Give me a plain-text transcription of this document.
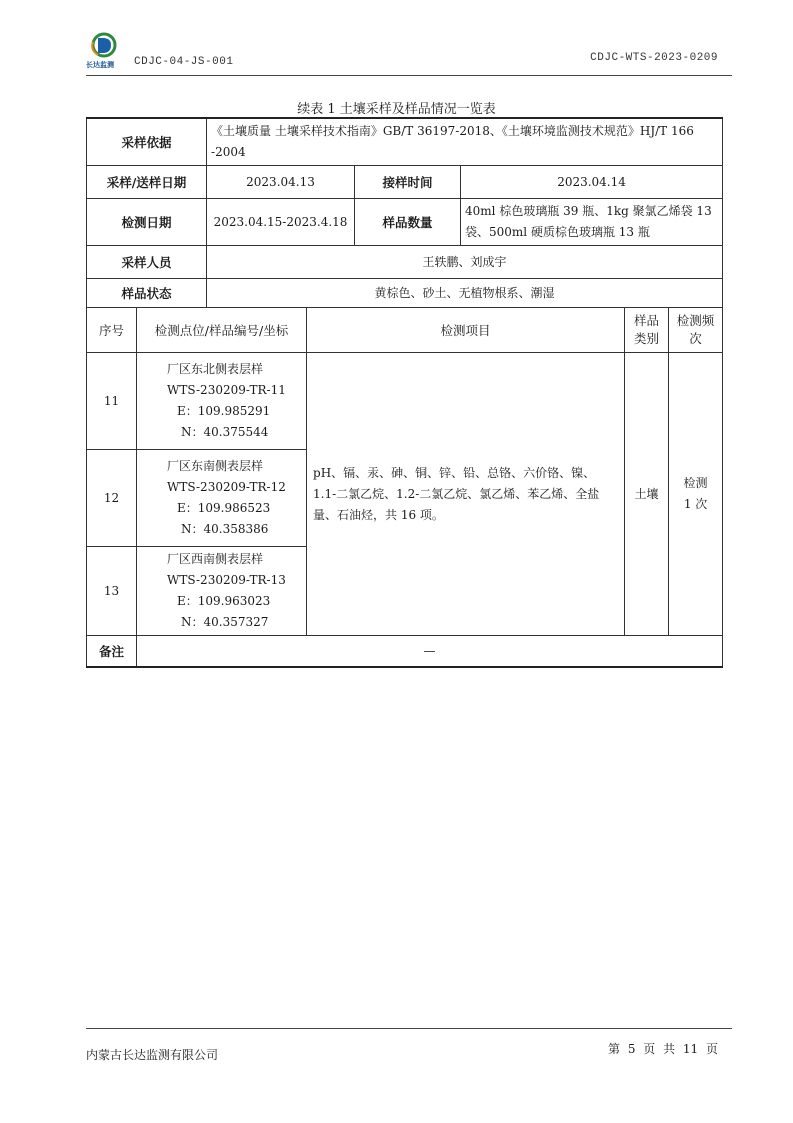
长达监测 CDJC-04-JS-001	CDJC-WTS-2023-0209
续表 1 土壤采样及样品情况一览表
采样依据		《土壤质量 土壤采样技术指南》GB/T 36197-2018、《土壤环境监测技术规范》HJ/T 166 -2004					
采样/送样日期		2023.04.13		接样时间	2023.04.14		
检测日期		2023.04.15-2023.4.18		样品数量	40ml 棕色玻璃瓶 39 瓶、1kg 聚氯乙烯袋 13 袋、500ml 硬质棕色玻璃瓶 13 瓶		
采样人员		王轶鹏、刘成宇					
样品状态		黄棕色、砂土、无植物根系、潮湿					
序号	检测点位/样品编号/坐标		检测项目			样品类别	检测频次
11	厂区东北侧表层样
WTS-230209-TR-11
E：109.985291
N：40.375544		pH、镉、汞、砷、铜、锌、铅、总铬、六价铬、镍、1.1-二氯乙烷、1.2-二氯乙烷、氯乙烯、苯乙烯、全盐量、石油烃，共 16 项。			土壤	检测 1 次
12	厂区东南侧表层样
WTS-230209-TR-12
E：109.986523
N：40.358386						

13	厂区西南侧表层样
WTS-230209-TR-13
E：109.963023
N：40.357327						

备注	—						
内蒙古长达监测有限公司	第 5 页 共 11 页
